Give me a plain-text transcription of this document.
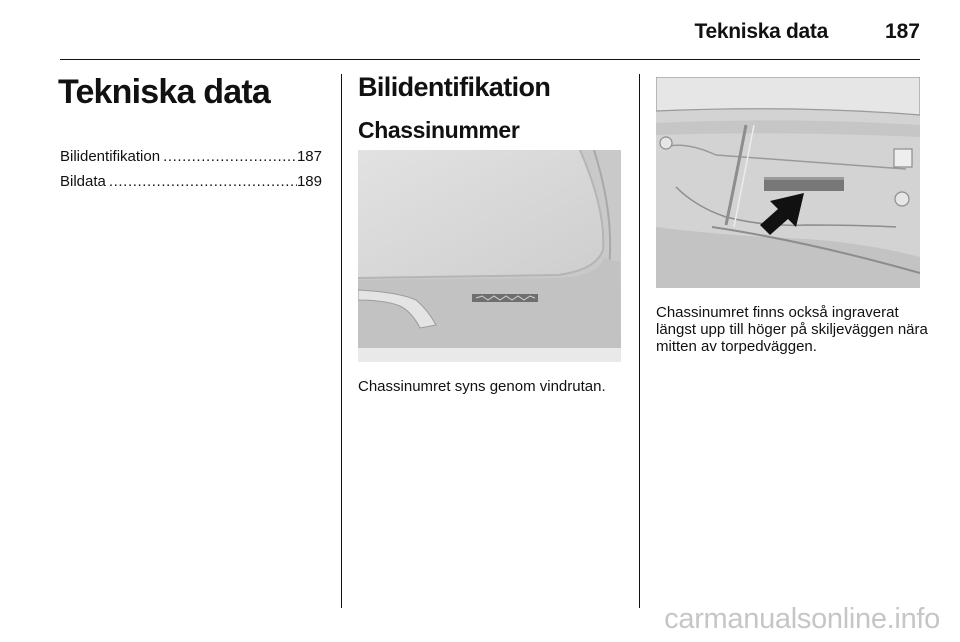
Tekniska data	187
Tekniska data
Bilidentifikation .....	187
Bildata .....	189
Bilidentifikation
Chassinummer
Chassinumret syns genom vindrutan.
Chassinumret finns också ingraverat längst upp till höger på skiljeväggen nära mitten av torpedväggen.
carmanualsonline.info
